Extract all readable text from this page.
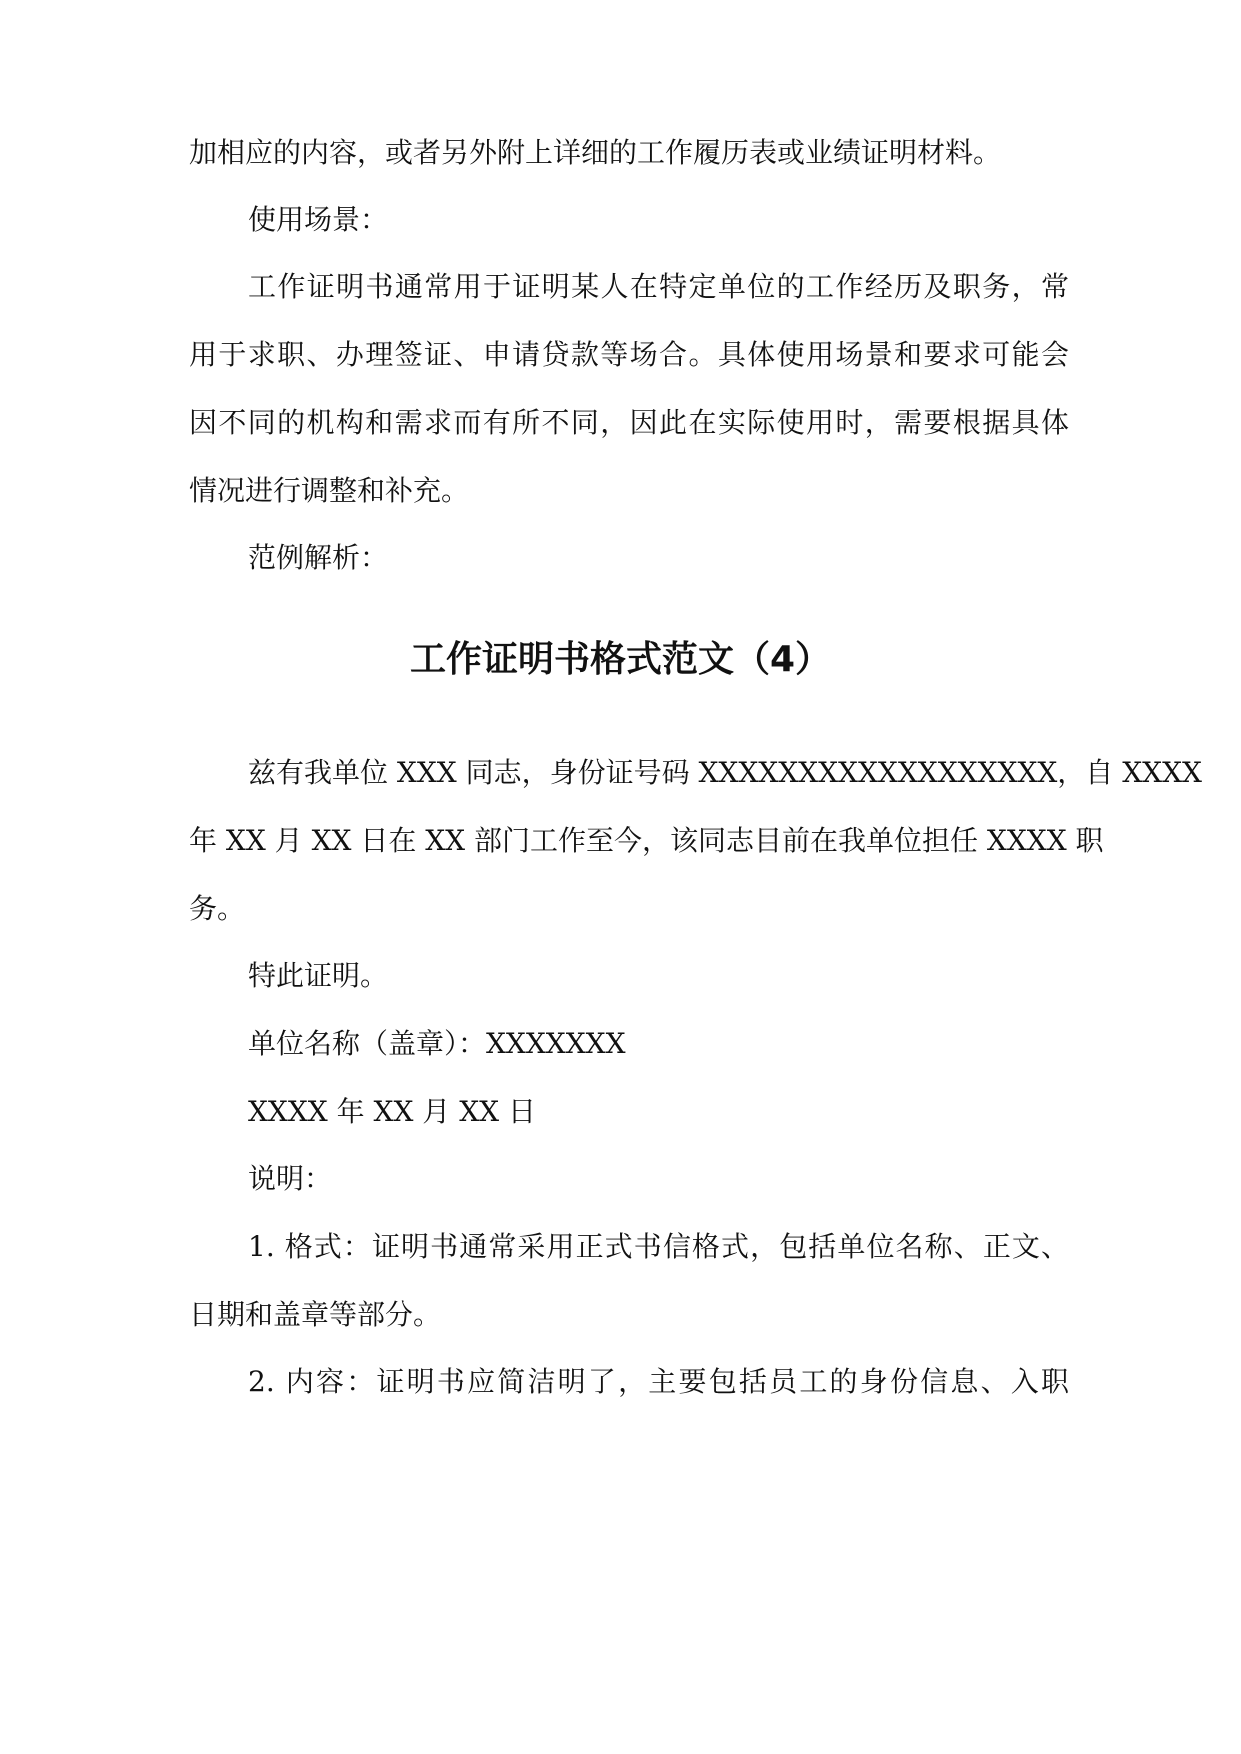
加相应的内容，或者另外附上详细的工作履历表或业绩证明材料。
使用场景：
工作证明书通常用于证明某人在特定单位的工作经历及职务，常
用于求职、办理签证、申请贷款等场合。具体使用场景和要求可能会
因不同的机构和需求而有所不同，因此在实际使用时，需要根据具体
情况进行调整和补充。
范例解析：
工作证明书格式范文（4）
兹有我单位 XXX 同志，身份证号码 XXXXXXXXXXXXXXXXXX，自 XXXX
年 XX 月 XX 日在 XX 部门工作至今，该同志目前在我单位担任 XXXX 职
务。
特此证明。
单位名称（盖章）：XXXXXXX
XXXX 年 XX 月 XX 日
说明：
1. 格式：证明书通常采用正式书信格式，包括单位名称、正文、
日期和盖章等部分。
2. 内容：证明书应简洁明了，主要包括员工的身份信息、入职
